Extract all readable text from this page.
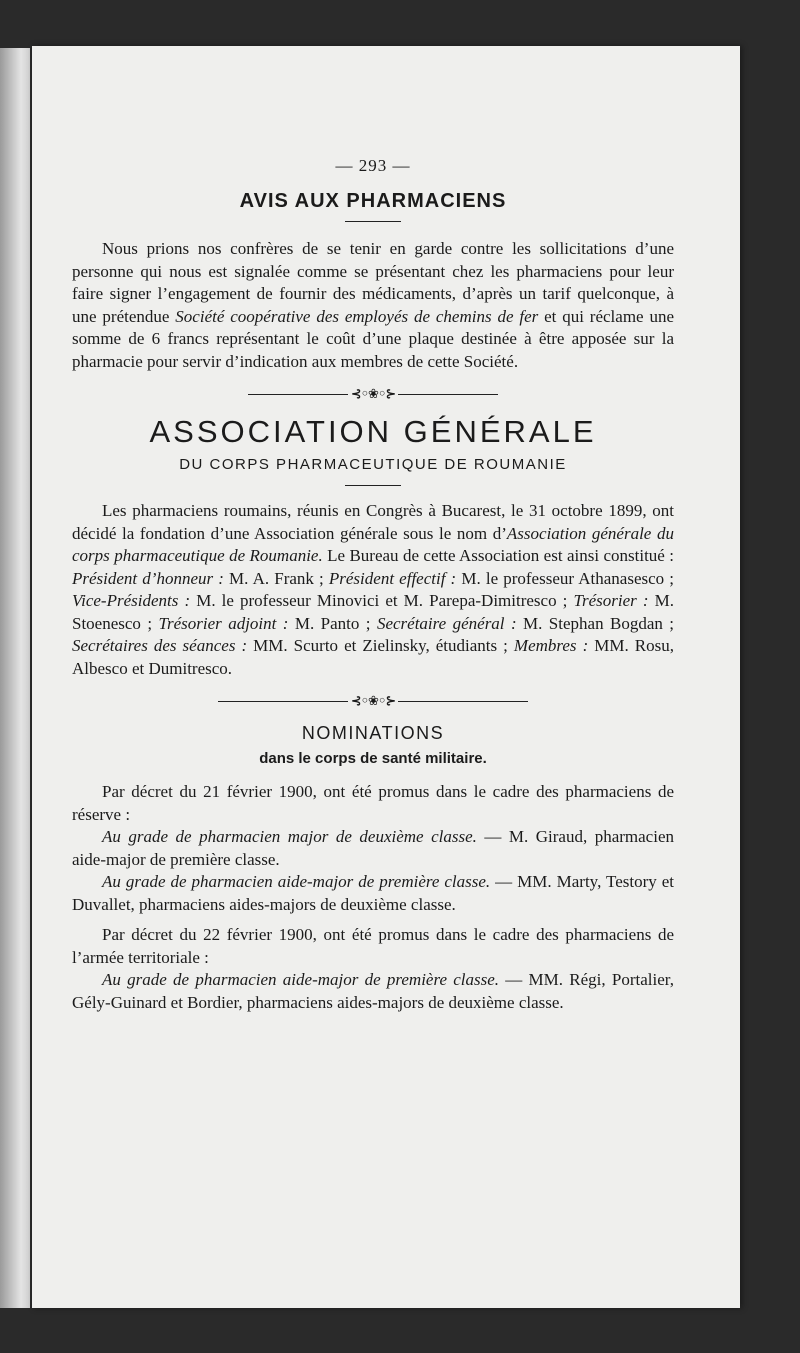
— 293 —
AVIS AUX PHARMACIENS

Nous prions nos confrères de se tenir en garde contre les sollicitations d’une personne qui nous est signalée comme se présentant chez les pharmaciens pour leur faire signer l’engagement de fournir des médicaments, d’après un tarif quelconque, à une prétendue Société coopérative des employés de chemins de fer et qui réclame une somme de 6 francs représentant le coût d’une plaque destinée à être apposée sur la pharmacie pour servir d’indication aux membres de cette Société.

⊰◦❀◦⊱
ASSOCIATION GÉNÉRALE
DU CORPS PHARMACEUTIQUE DE ROUMANIE

Les pharmaciens roumains, réunis en Congrès à Bucarest, le 31 octobre 1899, ont décidé la fondation d’une Association générale sous le nom d’Association générale du corps pharmaceutique de Roumanie. Le Bureau de cette Association est ainsi constitué : Président d’honneur : M. A. Frank ; Président effectif : M. le professeur Athanasesco ; Vice-Présidents : M. le professeur Minovici et M. Parepa-Dimitresco ; Trésorier : M. Stoenesco ; Trésorier adjoint : M. Panto ; Secrétaire général : M. Stephan Bogdan ; Secrétaires des séances : MM. Scurto et Zielinsky, étudiants ; Membres : MM. Rosu, Albesco et Dumitresco.

⊰◦❀◦⊱
NOMINATIONS
dans le corps de santé militaire.

Par décret du 21 février 1900, ont été promus dans le cadre des pharmaciens de réserve :

Au grade de pharmacien major de deuxième classe. — M. Giraud, pharmacien aide-major de première classe.

Au grade de pharmacien aide-major de première classe. — MM. Marty, Testory et Duvallet, pharmaciens aides-majors de deuxième classe.

Par décret du 22 février 1900, ont été promus dans le cadre des pharmaciens de l’armée territoriale :

Au grade de pharmacien aide-major de première classe. — MM. Régi, Portalier, Gély-Guinard et Bordier, pharmaciens aides-majors de deuxième classe.
